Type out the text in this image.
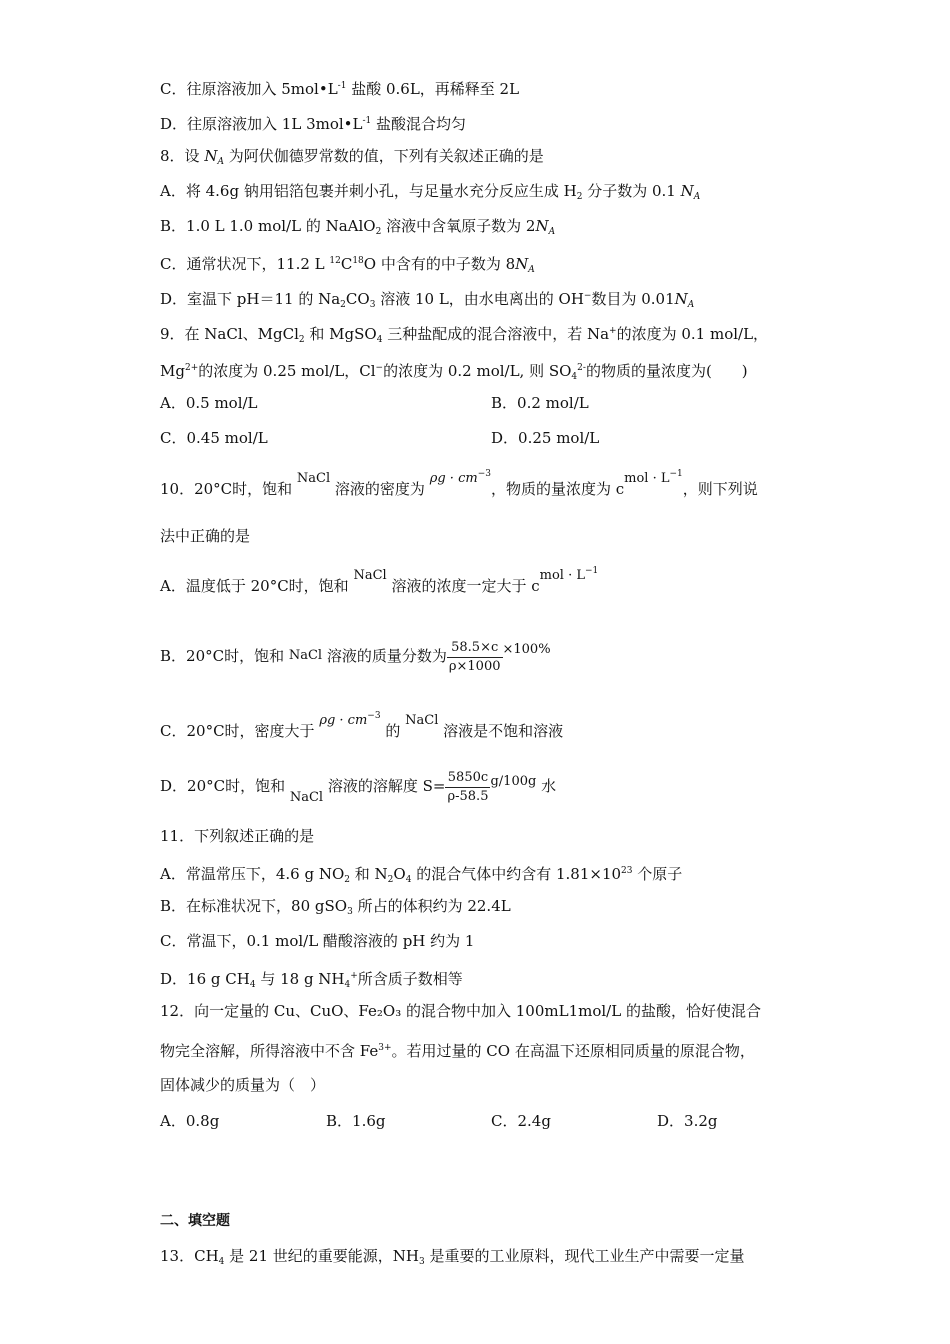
C．往原溶液加入 $5mol•L^{-1}$ 盐酸 0.6L，再稀释至 2L
D．往原溶液加入 1L $3mol•L^{-1}$ 盐酸混合均匀
8．设 $N_A$ 为阿伏伽德罗常数的值，下列有关叙述正确的是
A．将 4.6g 钠用铝箔包裹并刺小孔，与足量水充分反应生成 $H_2$ 分子数为 0.1 $N_A$
B．1.0 L 1.0 mol/L 的 NaAlO$_2$ 溶液中含氧原子数为 $2N_A$
C．通常状况下，11.2 L $^{12}C^{18}O$ 中含有的中子数为 $8N_A$
D．室温下 pH＝11 的 $Na_2CO_3$ 溶液 10 L，由水电离出的 OH−数目为 $0.01N_A$
9．在 NaCl、MgCl$_2$ 和 MgSO$_4$ 三种盐配成的混合溶液中，若 Na+的浓度为 0.1 mol/L，
$Mg^{2+}$的浓度为 0.25 mol/L，Cl−的浓度为 0.2 mol/L, 则 $SO_4^{2-}$的物质的量浓度为(　　)
A．0.5 mol/L	B．0.2 mol/L
C．0.45 mol/L	D．0.25 mol/L
10．20°C时，饱和 NaCl 溶液的密度为 $\rho g \cdot cm^{-3}$，物质的量浓度为 cmol · $L^{-1}$，则下列说
法中正确的是
A．温度低于 20°C时，饱和 NaCl 溶液的浓度一定大于 cmol · $L^{-1}$
B．20°C时，饱和 NaCl 溶液的质量分数为 $\frac{58.5\times c}{\rho\times 1000} \times 100\%$
C．20°C时，密度大于 $\rho g \cdot cm^{-3}$ 的 NaCl 溶液是不饱和溶液
D．20°C时，饱和 NaCl 溶液的溶解度 $S= \frac{5850c}{\rho-58.5} g/100g$ 水
11．下列叙述正确的是
A．常温常压下，4.6 g $NO_2$ 和 $N_2O_4$ 的混合气体中约含有 $1.81\times 10^{23}$ 个原子
B．在标准状况下，80 gSO$_3$ 所占的体积约为 22.4L
C．常温下，0.1 mol/L 醋酸溶液的 pH 约为 1
D．16 g $CH_4$ 与 18 g $NH_4^+$所含质子数相等
12．向一定量的 Cu、CuO、Fe₂O₃ 的混合物中加入 100mL1mol/L 的盐酸，恰好使混合
物完全溶解，所得溶液中不含 $Fe^{3+}$。若用过量的 CO 在高温下还原相同质量的原混合物，
固体减少的质量为（　）
A．0.8g	B．1.6g	C．2.4g	D．3.2g
二、填空题
13．$CH_4$ 是 21 世纪的重要能源，$NH_3$ 是重要的工业原料，现代工业生产中需要一定量
